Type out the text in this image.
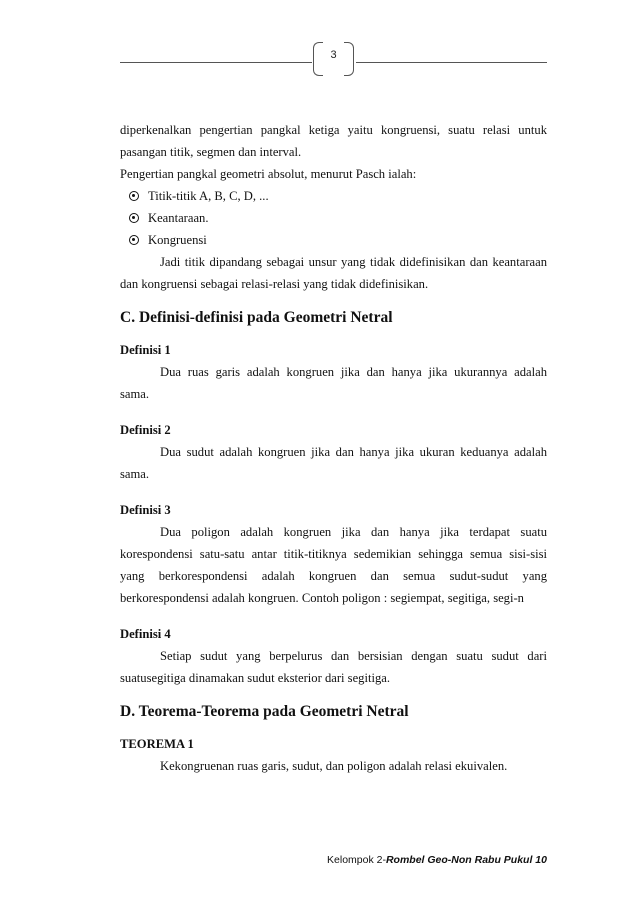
3

diperkenalkan pengertian pangkal ketiga yaitu kongruensi, suatu relasi untuk

pasangan titik, segmen dan interval.

Pengertian pangkal geometri absolut, menurut Pasch ialah:

Titik-titik A, B, C, D, ...
Keantaraan.
Kongruensi

Jadi titik dipandang sebagai unsur yang tidak didefinisikan dan keantaraan

dan kongruensi sebagai relasi-relasi yang tidak didefinisikan.

C. Definisi-definisi pada Geometri Netral

Definisi 1

Dua ruas garis adalah kongruen jika dan hanya jika ukurannya adalah

sama.

Definisi 2

Dua sudut adalah kongruen jika dan hanya jika ukuran keduanya adalah

sama.

Definisi 3

Dua poligon adalah kongruen jika dan hanya jika terdapat suatu

korespondensi satu-satu antar titik-titiknya sedemikian sehingga semua sisi-sisi

yang berkorespondensi adalah kongruen dan semua sudut-sudut yang

berkorespondensi adalah kongruen. Contoh poligon : segiempat, segitiga, segi-n

Definisi 4

Setiap sudut yang berpelurus dan bersisian dengan suatu sudut dari

suatusegitiga dinamakan sudut eksterior dari segitiga.

D. Teorema-Teorema pada Geometri Netral

TEOREMA 1

Kekongruenan ruas garis, sudut, dan poligon adalah relasi ekuivalen.

Kelompok 2-Rombel Geo-Non Rabu Pukul 10
